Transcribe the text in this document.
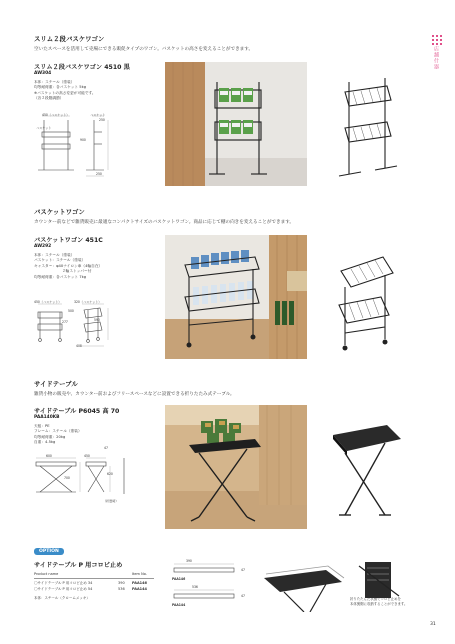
店舗什器
スリム２段バスケワゴン
空いたスペースを活用して売場にできる販促タイプのワゴン。バスケットの高さを変えることができます。
スリム２段バスケワゴン 4510 黒
AW304
本体：スチール（塗装）
均等耐荷重：各バスケット 5kg
※バスケットの高さ変更が可能です。
（各２段階調節）
450（バスケット）	バスケット
250
バスケット
900
250
バスケットワゴン
カウンター前などで雑貨販売に最適なコンパクトサイズのバスケットワゴン。商品に応じて棚の向きを変えることができます。
バスケットワゴン 451C
AW292
本体：スチール（塗装）
バスケット：スチール（塗装）
キャスター：φ40ナイロン車（4輪自在）
２輪ストッパー付
均等耐荷重：各バスケット 7kg
450（バスケット）	320（バスケット）
500
277	590
408
サイドテーブル
雑貨小物の販売や、カウンター前およびフリースペースなどに設置できる折りたたみ式テーブル。
サイドテーブル P6045 高 70
PAA140KB
天板：PE
フレーム：スチール（塗装）
均等耐荷重：20kg
自重：4.5kg
600	450
47
700
620
（折畳時）
OPTION
サイドテーブル P 用コロビ止め
Product name	Item No.
〇サイドテーブル P 用コロビ止め 34	390 PAA146
〇サイドテーブル P 用コロビ止め 54	536 PAA144
本体：スチール（クロームメッキ）
390
47
PAA146
536
47
PAA144
折りたたんだ状態でコロビ止めを
本体裏側に収納することができます。
31
